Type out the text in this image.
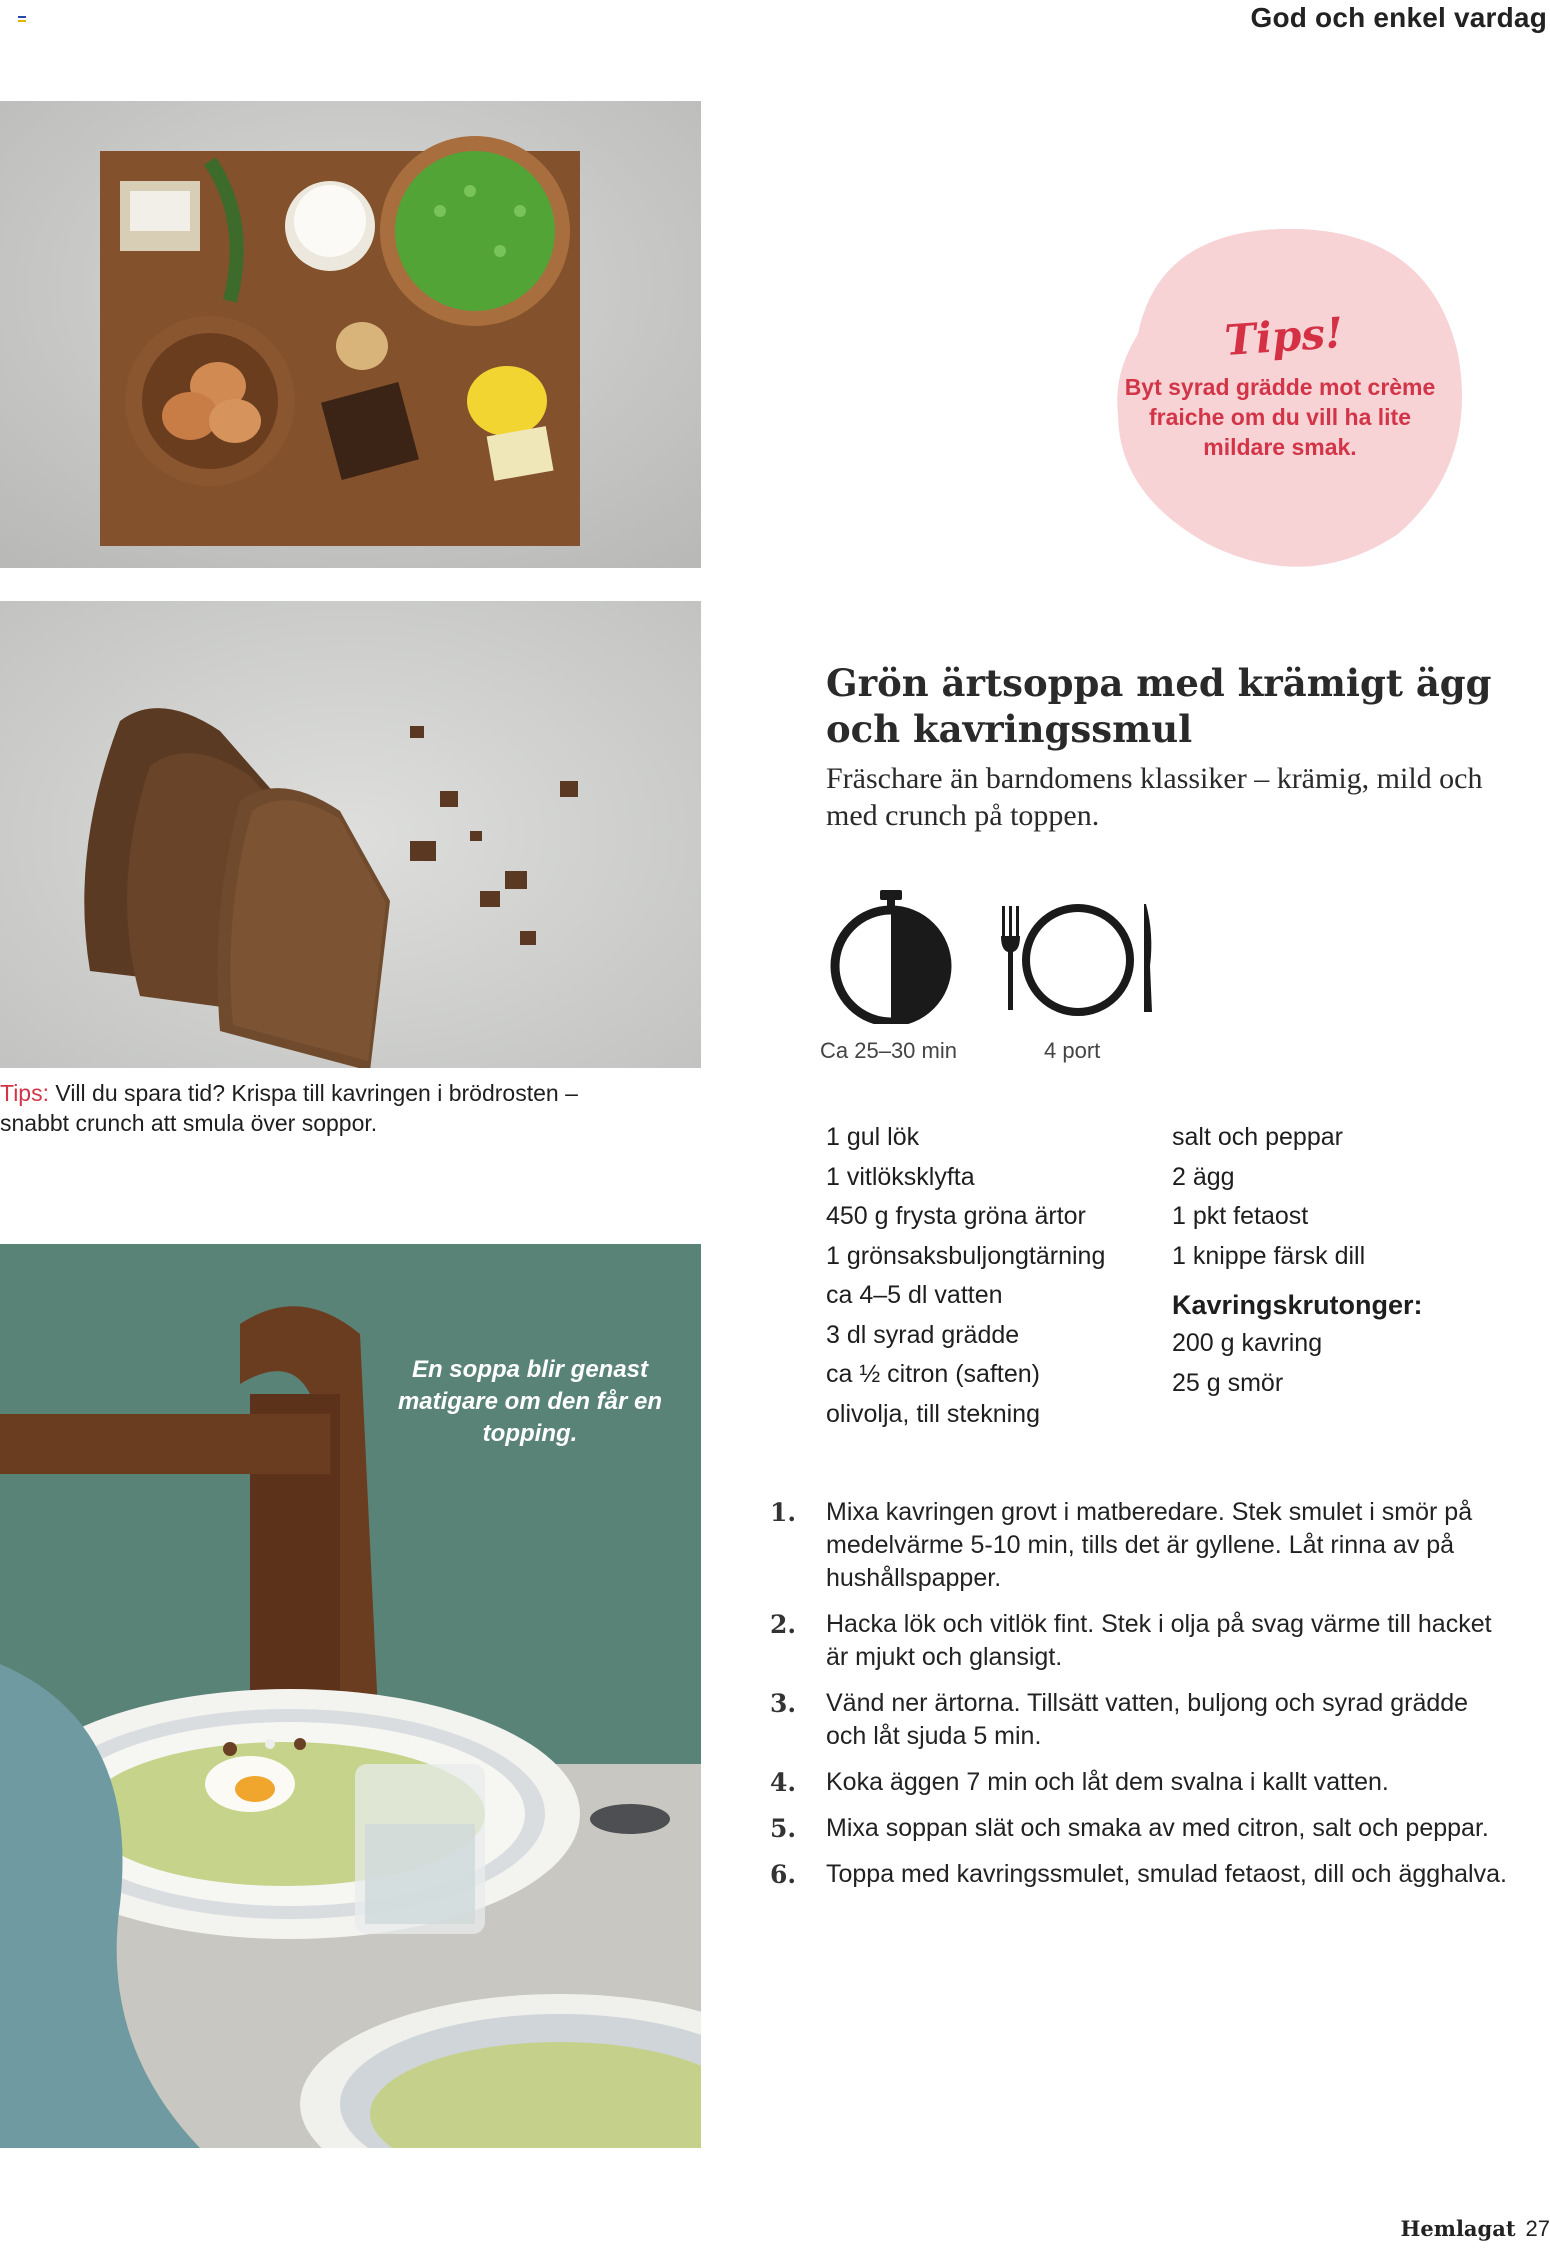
God och enkel vardag
En soppa blir genast matigare om den får en topping.
Tips!
Byt syrad grädde mot crème fraiche om du vill ha lite mildare smak.
Grön ärtsoppa med krämigt ägg och kavringssmul
Fräschare än barndomens klassiker – krämig, mild och med crunch på toppen.
Ca 25–30 min	4 port
1 gul lök
1 vitlöksklyfta
450 g frysta gröna ärtor
1 grönsaksbuljongtärning
ca 4–5 dl vatten
3 dl syrad grädde
ca ½ citron (saften)
olivolja, till stekning
salt och peppar
2 ägg
1 pkt fetaost
1 knippe färsk dill
Kavringskrutonger:
200 g kavring
25 g smör
1. Mixa kavringen grovt i matberedare. Stek smulet i smör på medelvärme 5-10 min, tills det är gyllene. Låt rinna av på hushållspapper.
2. Hacka lök och vitlök fint. Stek i olja på svag värme till hacket är mjukt och glansigt.
3. Vänd ner ärtorna. Tillsätt vatten, buljong och syrad grädde och låt sjuda 5 min.
4. Koka äggen 7 min och låt dem svalna i kallt vatten.
5. Mixa soppan slät och smaka av med citron, salt och peppar.
6. Toppa med kavringssmulet, smulad fetaost, dill och ägghalva.
Tips: Vill du spara tid? Krispa till kavringen i brödrosten – snabbt crunch att smula över soppor.
Hemlagat 27
